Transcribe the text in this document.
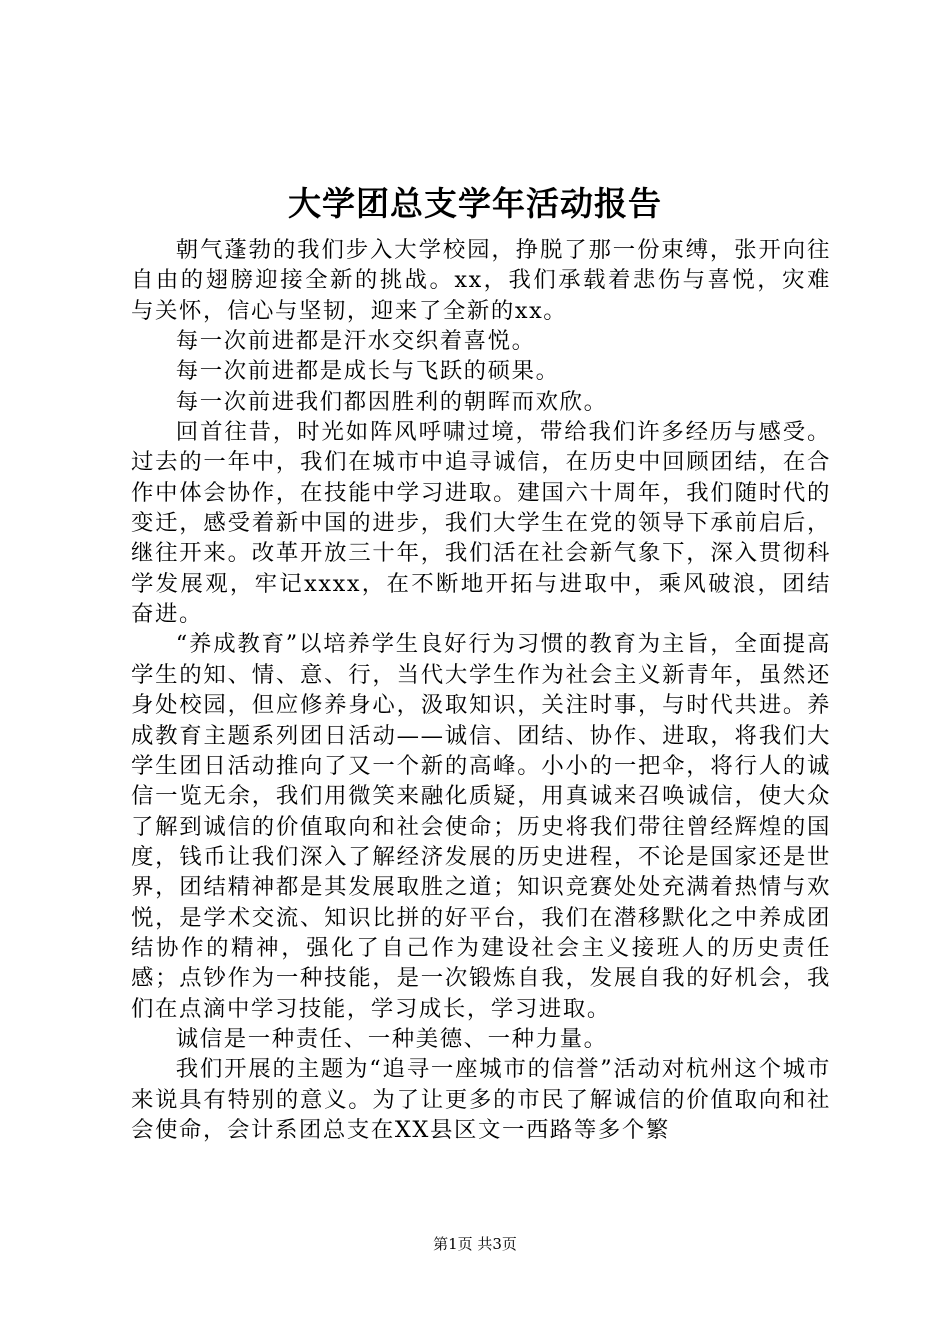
大学团总支学年活动报告

朝气蓬勃的我们步入大学校园，挣脱了那一份束缚，张开向往自由的翅膀迎接全新的挑战。xx，我们承载着悲伤与喜悦，灾难与关怀，信心与坚韧，迎来了全新的xx。

每一次前进都是汗水交织着喜悦。

每一次前进都是成长与飞跃的硕果。

每一次前进我们都因胜利的朝晖而欢欣。

回首往昔，时光如阵风呼啸过境，带给我们许多经历与感受。过去的一年中，我们在城市中追寻诚信，在历史中回顾团结，在合作中体会协作，在技能中学习进取。建国六十周年，我们随时代的变迁，感受着新中国的进步，我们大学生在党的领导下承前启后，继往开来。改革开放三十年，我们活在社会新气象下，深入贯彻科学发展观，牢记xxxx，在不断地开拓与进取中，乘风破浪，团结奋进。

“养成教育”以培养学生良好行为习惯的教育为主旨，全面提高学生的知、情、意、行，当代大学生作为社会主义新青年，虽然还身处校园，但应修养身心，汲取知识，关注时事，与时代共进。养成教育主题系列团日活动——诚信、团结、协作、进取，将我们大学生团日活动推向了又一个新的高峰。小小的一把伞，将行人的诚信一览无余，我们用微笑来融化质疑，用真诚来召唤诚信，使大众了解到诚信的价值取向和社会使命；历史将我们带往曾经辉煌的国度，钱币让我们深入了解经济发展的历史进程，不论是国家还是世界，团结精神都是其发展取胜之道；知识竞赛处处充满着热情与欢悦，是学术交流、知识比拼的好平台，我们在潜移默化之中养成团结协作的精神，强化了自己作为建设社会主义接班人的历史责任感；点钞作为一种技能，是一次锻炼自我，发展自我的好机会，我们在点滴中学习技能，学习成长，学习进取。

诚信是一种责任、一种美德、一种力量。

我们开展的主题为“追寻一座城市的信誉”活动对杭州这个城市来说具有特别的意义。为了让更多的市民了解诚信的价值取向和社会使命，会计系团总支在XX县区文一西路等多个繁

第1页 共3页
